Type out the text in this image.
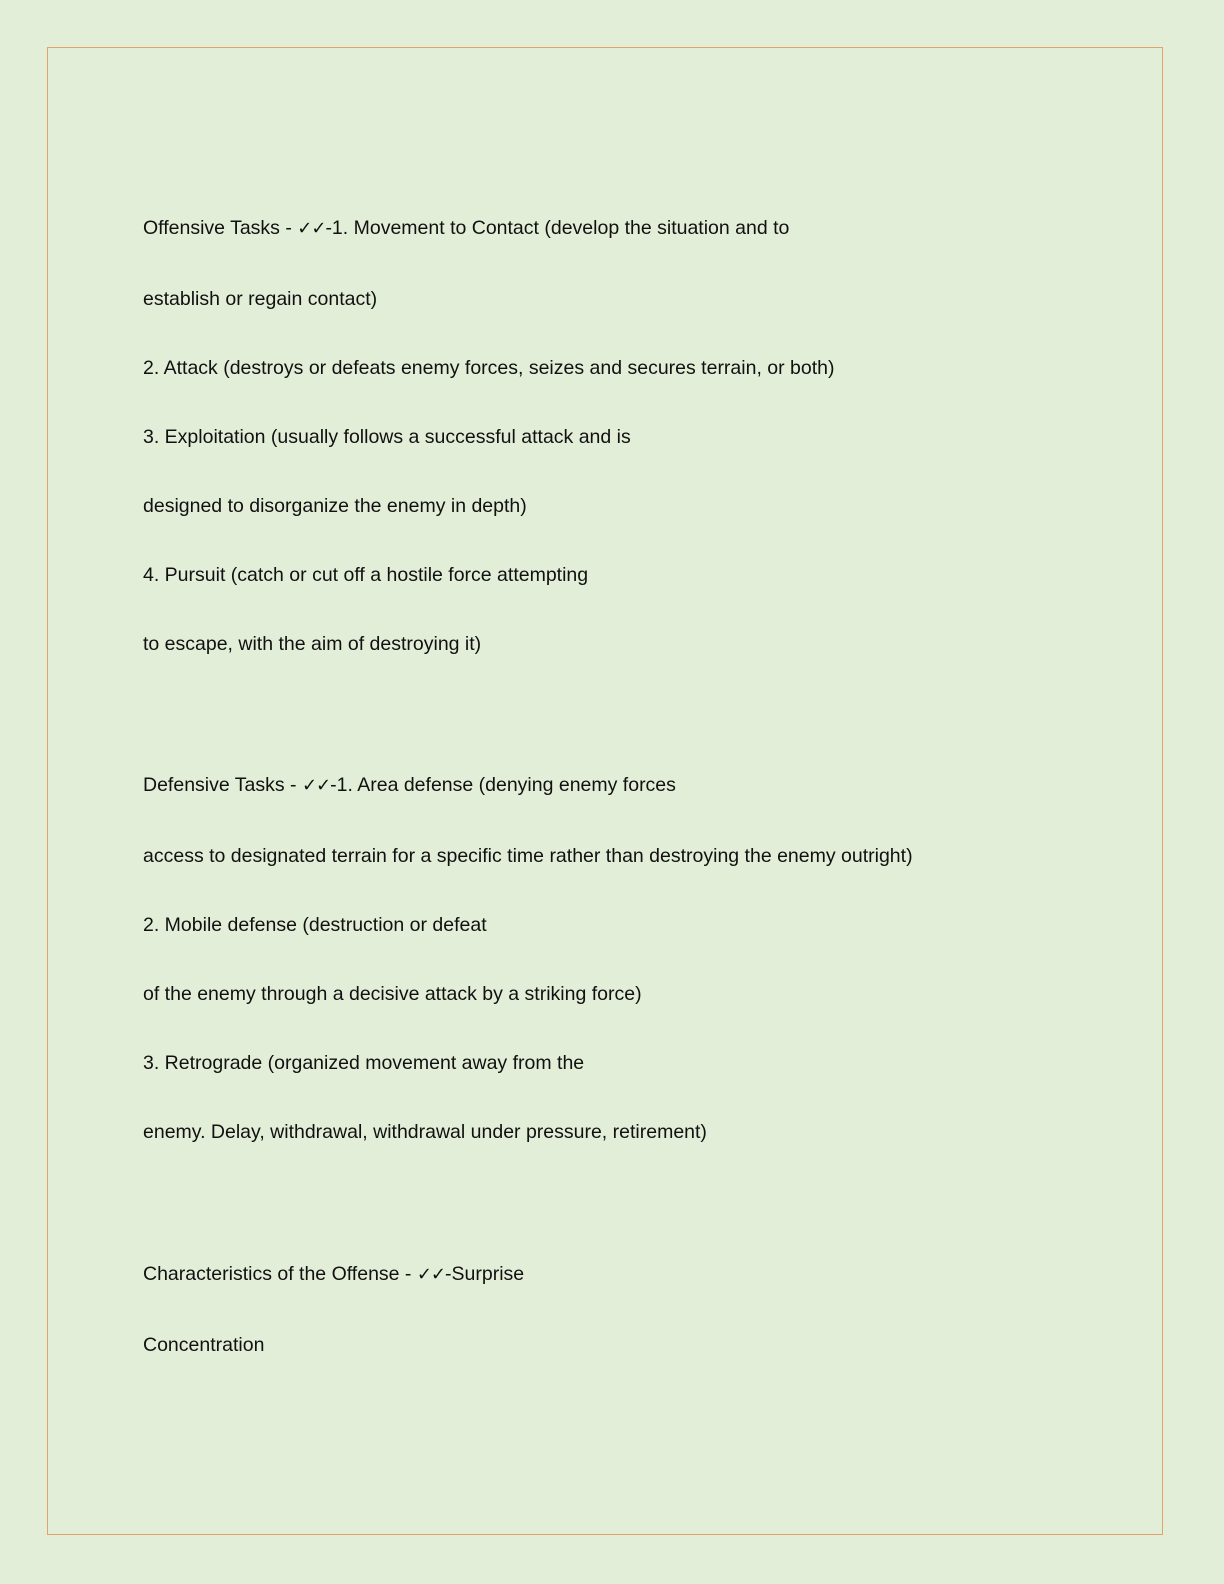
Offensive Tasks - ✓✓-1. Movement to Contact (develop the situation and to
establish or regain contact)
2. Attack (destroys or defeats enemy forces, seizes and secures terrain, or both)
3. Exploitation (usually follows a successful attack and is
designed to disorganize the enemy in depth)
4. Pursuit (catch or cut off a hostile force attempting
to escape, with the aim of destroying it)
Defensive Tasks - ✓✓-1. Area defense (denying enemy forces
access to designated terrain for a specific time rather than destroying the enemy outright)
2. Mobile defense (destruction or defeat
of the enemy through a decisive attack by a striking force)
3. Retrograde (organized movement away from the
enemy. Delay, withdrawal, withdrawal under pressure, retirement)
Characteristics of the Offense - ✓✓-Surprise
Concentration
